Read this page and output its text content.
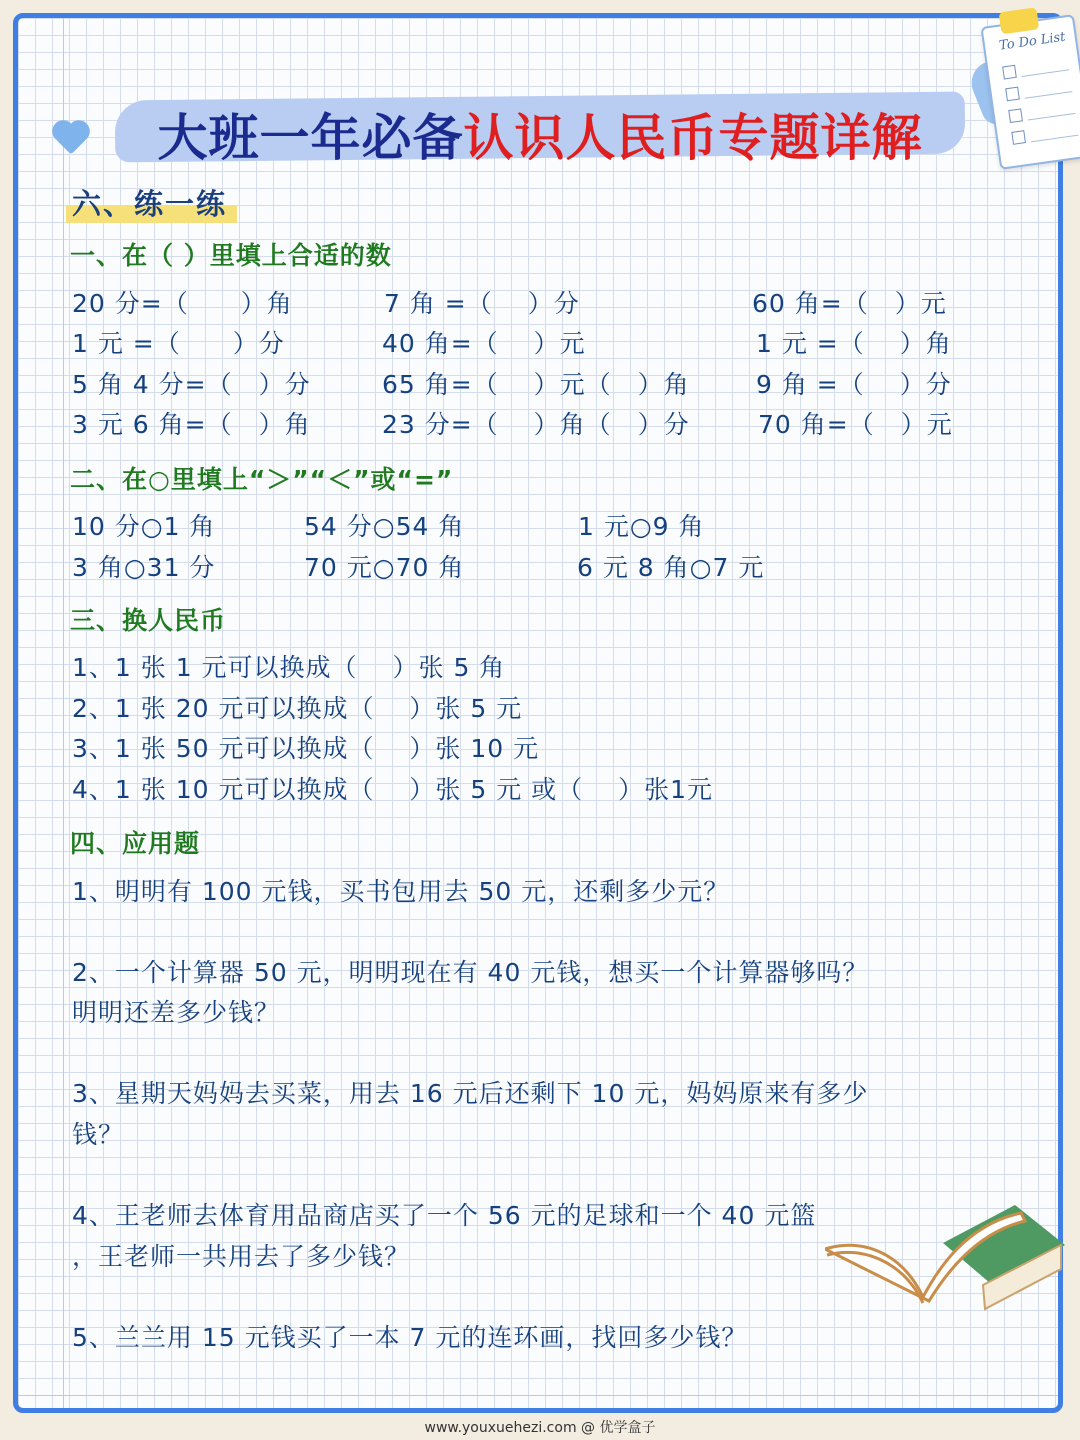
大班一年必备认识人民币专题详解
To Do List
六、练一练
一、在（ ）里填上合适的数
20 分=（　　）角	7 角 =（　 ）分	60 角=（　）元
1 元 =（　　）分	40 角=（　 ）元	1 元 =（　 ）角
5 角 4 分=（　）分	65 角=（　 ）元（　）角	9 角 =（　 ）分
3 元 6 角=（　）角	23 分=（　 ）角（　）分	70 角=（　）元
二、在○里填上“＞”“＜”或“=”
10 分○1 角	54 分○54 角	1 元○9 角
3 角○31 分	70 元○70 角	6 元 8 角○7 元
三、换人民币
1、1 张 1 元可以换成（　 ）张 5 角
2、1 张 20 元可以换成（　 ）张 5 元
3、1 张 50 元可以换成（　 ）张 10 元
4、1 张 10 元可以换成（　 ）张 5 元 或（　 ）张1元
四、应用题
1、明明有 100 元钱，买书包用去 50 元，还剩多少元？
2、一个计算器 50 元，明明现在有 40 元钱，想买一个计算器够吗？
明明还差多少钱？
3、星期天妈妈去买菜，用去 16 元后还剩下 10 元，妈妈原来有多少
钱？
4、王老师去体育用品商店买了一个 56 元的足球和一个 40 元篮
，王老师一共用去了多少钱？
5、兰兰用 15 元钱买了一本 7 元的连环画，找回多少钱？
www.youxuehezi.com @ 优学盒子
